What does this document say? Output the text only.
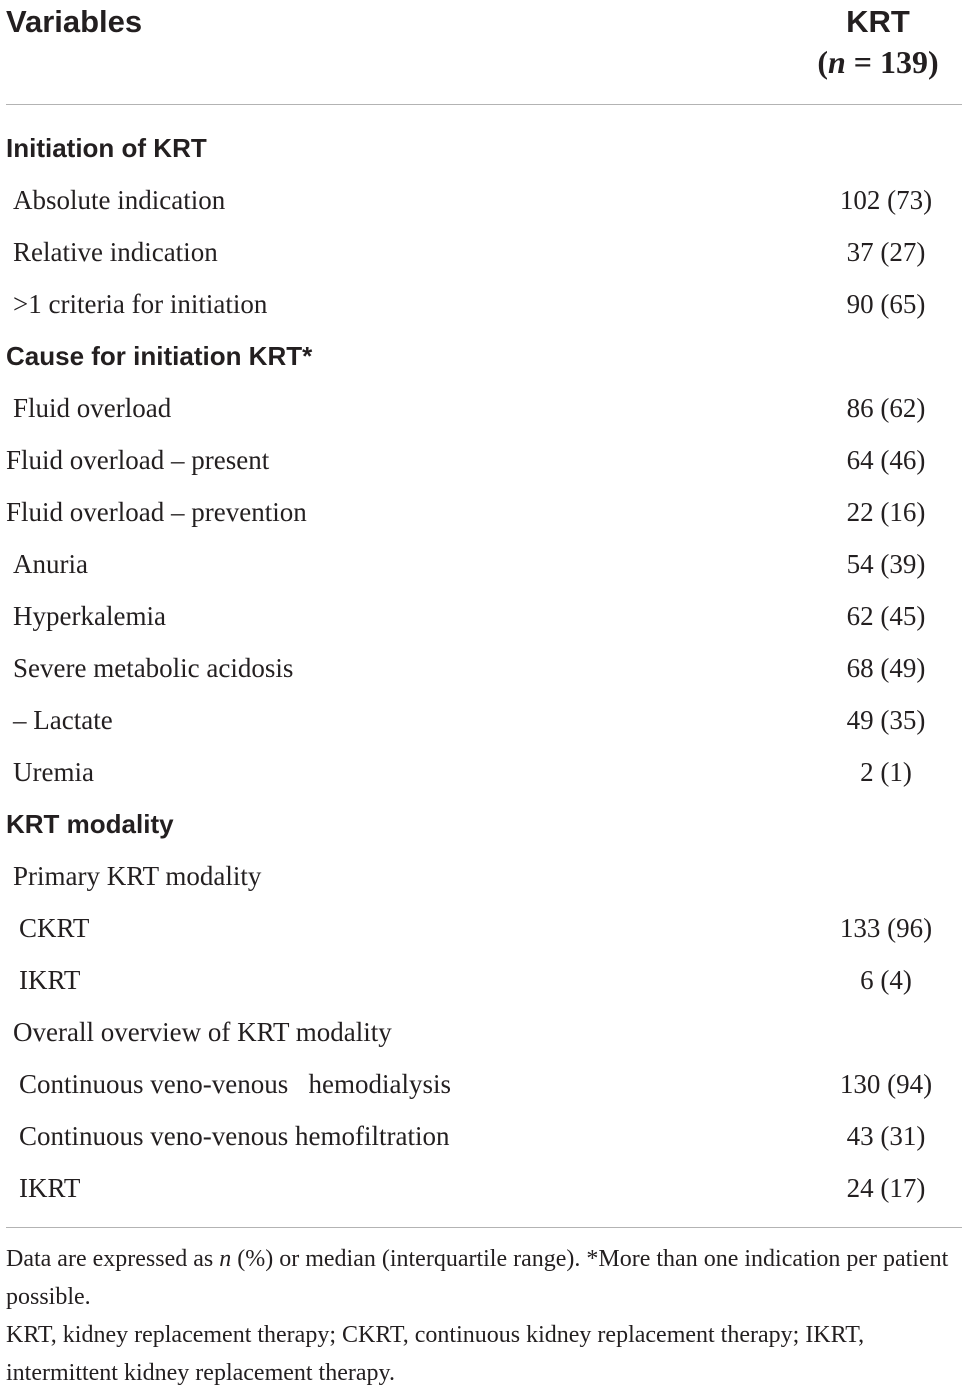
Variables	KRT
(n = 139)
Initiation of KRT
Absolute indication	102 (73)
Relative indication	37 (27)
>1 criteria for initiation	90 (65)
Cause for initiation KRT*
Fluid overload	86 (62)
Fluid overload – present	64 (46)
Fluid overload – prevention	22 (16)
Anuria	54 (39)
Hyperkalemia	62 (45)
Severe metabolic acidosis	68 (49)
– Lactate	49 (35)
Uremia	2 (1)
KRT modality
Primary KRT modality
CKRT	133 (96)
IKRT	6 (4)
Overall overview of KRT modality
Continuous veno-venous   hemodialysis	130 (94)
Continuous veno-venous hemofiltration	43 (31)
IKRT	24 (17)

Data are expressed as n (%) or median (interquartile range). *More than one indication per patient possible.

KRT, kidney replacement therapy; CKRT, continuous kidney replacement therapy; IKRT, intermittent kidney replacement therapy.
